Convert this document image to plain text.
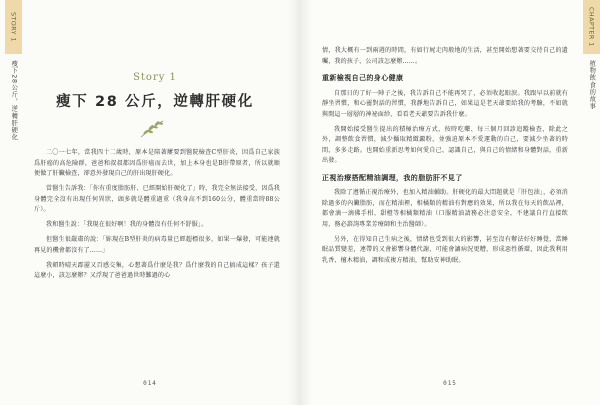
STORY 1
瘦下28公斤，逆轉肝硬化	Story 1
瘦下 28 公斤，逆轉肝硬化

二〇一七年，當我四十二歲時，原本是陪著屢要到醫院檢查C型肝炎，因爲自己家族爲肝癌的高危險群，爸爸和叔叔都因爲肝癌而去世，加上本身也是B肝帶原者，所以就順便做了肝臟檢查，卻意外發現自己的肝出現肝硬化。

當醫生告訴我：「你有重度脂肪肝、已經開始肝硬化了」時，我完全無法接受，因爲我身體完全沒有出現任何異狀，頭多就是體重過重（我身高不到160公分，體重當時88公斤）。

我和醫生說：「我現在很好啊！我的身體沒有任何不舒服」。

但醫生很嚴肅的說：「妳現在B型肝炎的病毒量已經超標很多，如果一爆發，可能連就再見的機會都沒有了……」

我頓時晴天霹靂又百感交集，心想著爲什麼是我？爲什麼我的自己搞成這樣？孩子還這麼小，該怎麼辦？又浮現了爸爸過世時難過的心

014

情，我大概有一到兩週的時間，有如行屍走肉般地的生活，甚至開始想著要交待自己的遺囑，我的孩子、公司該怎麼辦……。

重新檢視自己的身心健康

自那日的了好一陣子之後，我告訴自己不能再哭了，必須收起眼淚。我跟早以前就有靜坐習慣，和心靈對話的習慣，我靜地告訴自己，如果這是老天爺要給我的考驗，不如就與閒這一層層的神祕面紗，看看老天爺要告訴我什麼。

我開始接受醫生提出的積極治療方式，按時吃藥、每三個月回診追蹤檢查，除此之外，調整飲食習慣，減少攝取精緻澱粉，並強迫原本不愛運動的自己，要減少坐著的時間，多多走路。也開始重新思考如何愛自己、認識自己，與自己的情緒和身體對話，重新出發。

正視治療搭配精油調理，我的脂肪肝不見了

我除了遵循正視治療外，也加入精油輔助。肝硬化的最大問題就是「肝包油」，必須消除過多的內臟脂肪，而在精油裡，相橘類的精油有對應的效果，所以我在每天的飲品裡，都會滴一滴佛手柑、甜橙等相橘類精油（口服精油請務必注意安全，不建議自行直接飲用，務必諮詢專業芳療師和主治醫師）。

另外，在得知自己生病之後，情緒也受到很大的影響，甚至沒有辦法好好睡覺，當睡眠品質變差，連帶的又會影響身體代謝，可能會讓病況更糟，形成惡性循環，因此我利用乳香、檀木精油，調和成複方精油，幫助安神助眠。

CHAPTER 1
植物飲食的故事
015
